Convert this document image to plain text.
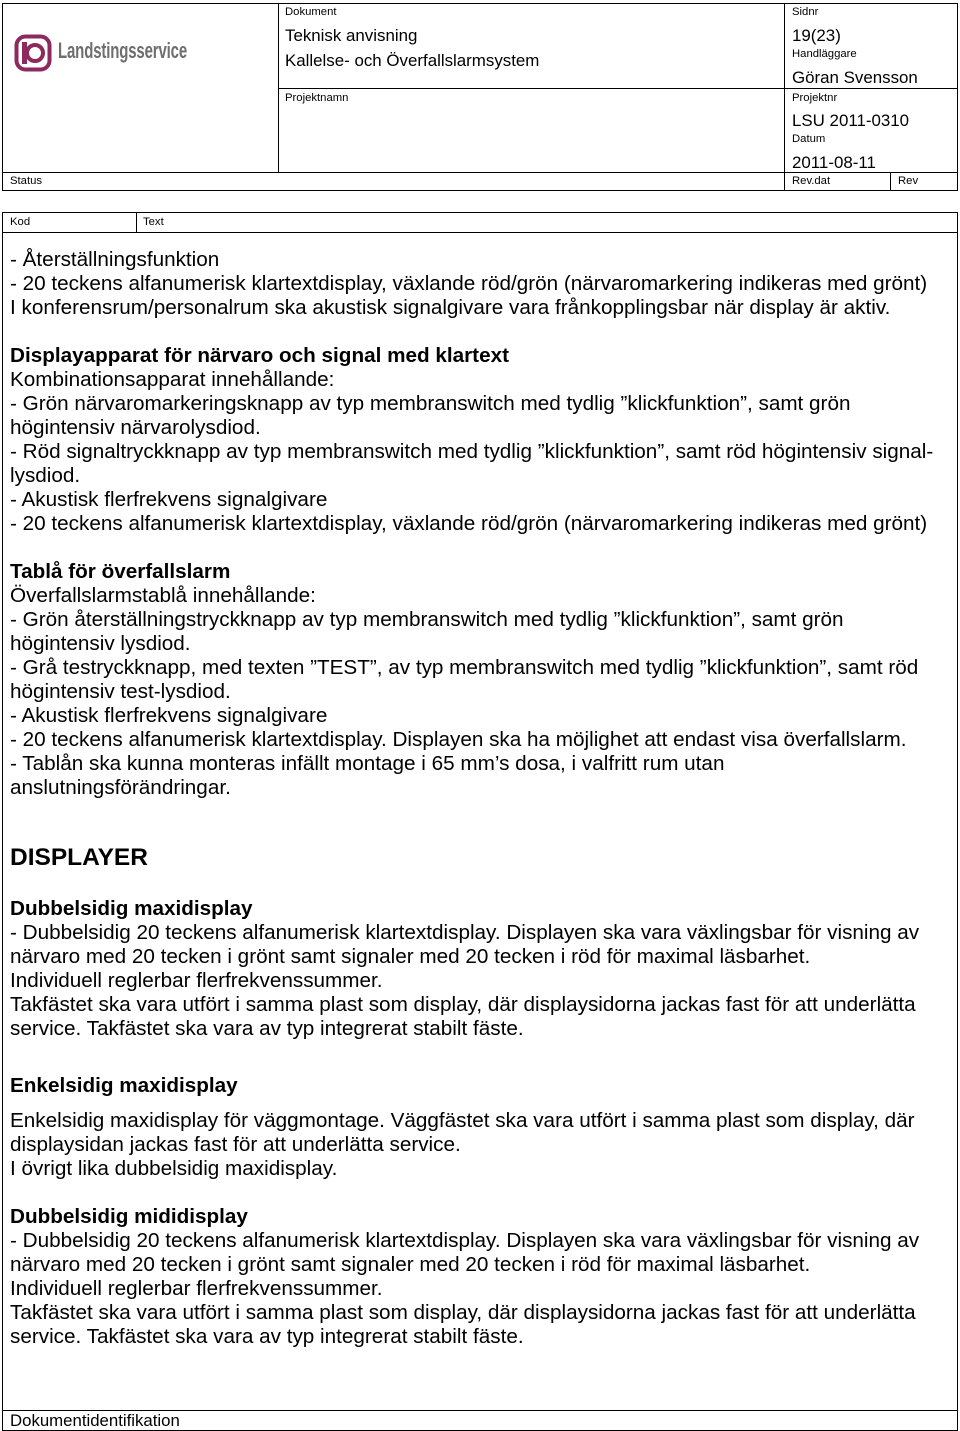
Landstingsservice
Dokument
Teknisk anvisning
Kallelse- och Överfallslarmsystem
Projektnamn
Sidnr
19(23)
Handläggare
Göran Svensson
Projektnr
LSU 2011-0310
Datum
2011-08-11
Status	Rev.dat	Rev
Kod	Text
- Återställningsfunktion
- 20 teckens alfanumerisk klartextdisplay, växlande röd/grön (närvaromarkering indikeras med grönt)
I konferensrum/personalrum ska akustisk signalgivare vara frånkopplingsbar när display är aktiv.
Displayapparat för närvaro och signal med klartext
Kombinationsapparat innehållande:
- Grön närvaromarkeringsknapp av typ membranswitch med tydlig ”klickfunktion”, samt grön
högintensiv närvarolysdiod.
- Röd signaltryckknapp av typ membranswitch med tydlig ”klickfunktion”, samt röd högintensiv signal-
lysdiod.
- Akustisk flerfrekvens signalgivare
- 20 teckens alfanumerisk klartextdisplay, växlande röd/grön (närvaromarkering indikeras med grönt)
Tablå för överfallslarm
Överfallslarmstablå innehållande:
- Grön återställningstryckknapp av typ membranswitch med tydlig ”klickfunktion”, samt grön
högintensiv lysdiod.
- Grå testryckknapp, med texten ”TEST”, av typ membranswitch med tydlig ”klickfunktion”, samt röd
högintensiv test-lysdiod.
- Akustisk flerfrekvens signalgivare
- 20 teckens alfanumerisk klartextdisplay. Displayen ska ha möjlighet att endast visa överfallslarm.
- Tablån ska kunna monteras infällt montage i 65 mm’s dosa, i valfritt rum utan
anslutningsförändringar.
DISPLAYER
Dubbelsidig maxidisplay
- Dubbelsidig 20 teckens alfanumerisk klartextdisplay. Displayen ska vara växlingsbar för visning av
närvaro med 20 tecken i grönt samt signaler med 20 tecken i röd för maximal läsbarhet.
Individuell reglerbar flerfrekvenssummer.
Takfästet ska vara utfört i samma plast som display, där displaysidorna jackas fast för att underlätta
service. Takfästet ska vara av typ integrerat stabilt fäste.
Enkelsidig maxidisplay
Enkelsidig maxidisplay för väggmontage. Väggfästet ska vara utfört i samma plast som display, där
displaysidan jackas fast för att underlätta service.
I övrigt lika dubbelsidig maxidisplay.
Dubbelsidig mididisplay
- Dubbelsidig 20 teckens alfanumerisk klartextdisplay. Displayen ska vara växlingsbar för visning av
närvaro med 20 tecken i grönt samt signaler med 20 tecken i röd för maximal läsbarhet.
Individuell reglerbar flerfrekvenssummer.
Takfästet ska vara utfört i samma plast som display, där displaysidorna jackas fast för att underlätta
service. Takfästet ska vara av typ integrerat stabilt fäste.
Dokumentidentifikation
